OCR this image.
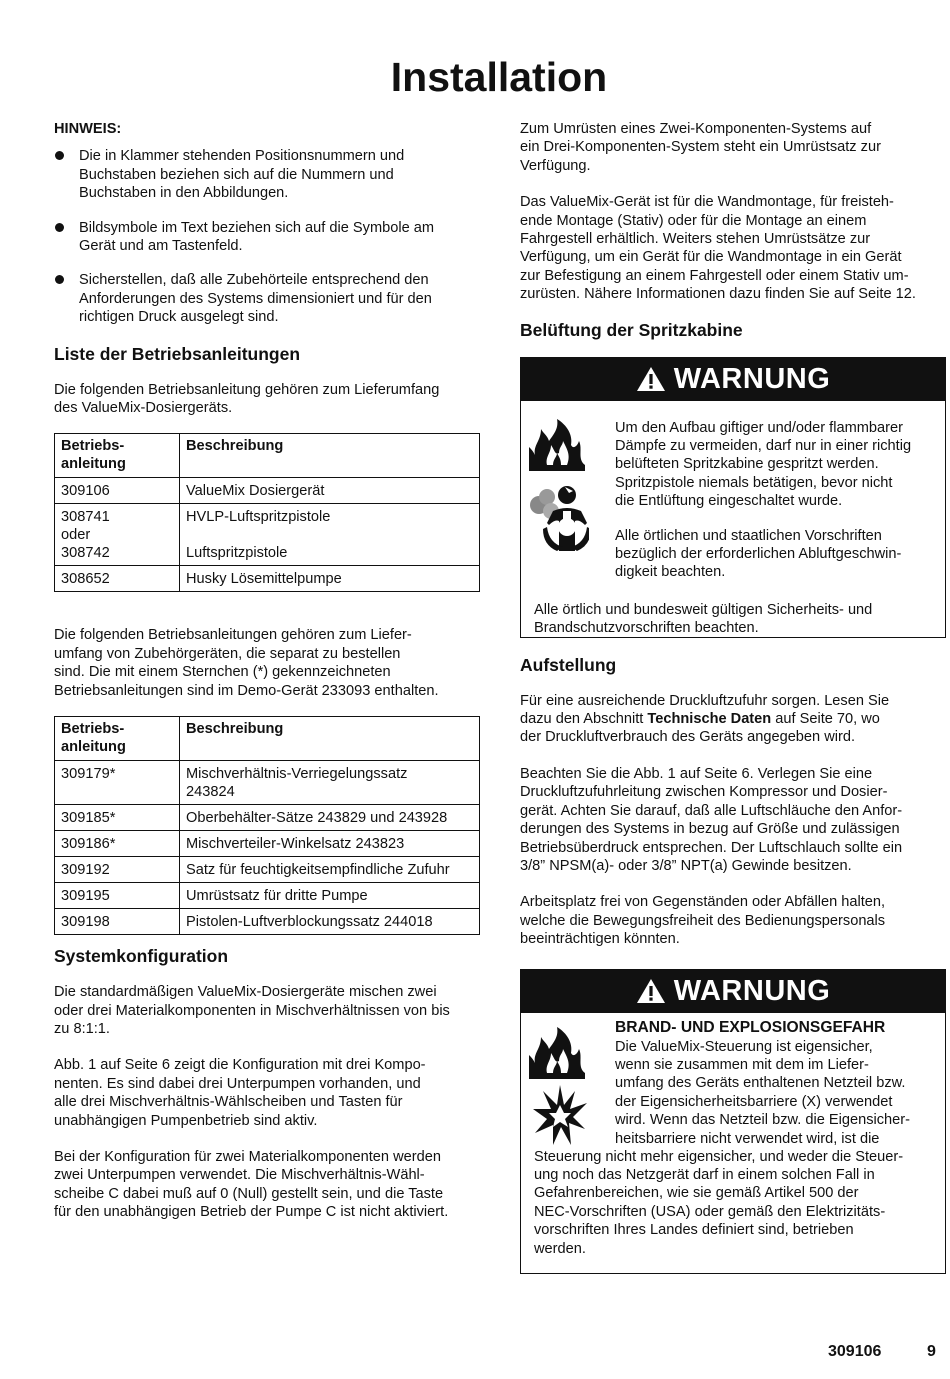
Installation
HINWEIS:
Die in Klammer stehenden Positionsnummern und
Buchstaben beziehen sich auf die Nummern und
Buchstaben in den Abbildungen.
Bildsymbole im Text beziehen sich auf die Symbole am
Gerät und am Tastenfeld.
Sicherstellen, daß alle Zubehörteile entsprechend den
Anforderungen des Systems dimensioniert und für den
richtigen Druck ausgelegt sind.
Liste der Betriebsanleitungen

Die folgenden Betriebsanleitung gehören zum Lieferumfang
des ValueMix-Dosiergeräts.

Betriebs-
anleitung	Beschreibung
309106	ValueMix Dosiergerät
308741
oder
308742	HVLP-Luftspritzpistole

Luftspritzpistole
308652	Husky Lösemittelpumpe

Die folgenden Betriebsanleitungen gehören zum Liefer-
umfang von Zubehörgeräten, die separat zu bestellen
sind. Die mit einem Sternchen (*) gekennzeichneten
Betriebsanleitungen sind im Demo-Gerät 233093 enthalten.

Betriebs-
anleitung	Beschreibung
309179*	Mischverhältnis-Verriegelungssatz
243824
309185*	Oberbehälter-Sätze 243829 und 243928
309186*	Mischverteiler-Winkelsatz 243823
309192	Satz für feuchtigkeitsempfindliche Zufuhr
309195	Umrüstsatz für dritte Pumpe
309198	Pistolen-Luftverblockungssatz 244018
Systemkonfiguration

Die standardmäßigen ValueMix-Dosiergeräte mischen zwei
oder drei Materialkomponenten in Mischverhältnissen von bis
zu 8:1:1.

Abb. 1 auf Seite 6 zeigt die Konfiguration mit drei Kompo-
nenten. Es sind dabei drei Unterpumpen vorhanden, und
alle drei Mischverhältnis-Wählscheiben und Tasten für
unabhängigen Pumpenbetrieb sind aktiv.

Bei der Konfiguration für zwei Materialkomponenten werden
zwei Unterpumpen verwendet. Die Mischverhältnis-Wähl-
scheibe C dabei muß auf 0 (Null) gestellt sein, und die Taste
für den unabhängigen Betrieb der Pumpe C ist nicht aktiviert.

Zum Umrüsten eines Zwei-Komponenten-Systems auf
ein Drei-Komponenten-System steht ein Umrüstsatz zur
Verfügung.

Das ValueMix-Gerät ist für die Wandmontage, für freisteh-
ende Montage (Stativ) oder für die Montage an einem
Fahrgestell erhältlich. Weiters stehen Umrüstsätze zur
Verfügung, um ein Gerät für die Wandmontage in ein Gerät
zur Befestigung an einem Fahrgestell oder einem Stativ um-
zurüsten. Nähere Informationen dazu finden Sie auf Seite 12.

Belüftung der Spritzkabine
WARNUNG

Um den Aufbau giftiger und/oder flammbarer
Dämpfe zu vermeiden, darf nur in einer richtig
belüfteten Spritzkabine gespritzt werden.
Spritzpistole niemals betätigen, bevor nicht
die Entlüftung eingeschaltet wurde.

Alle örtlichen und staatlichen Vorschriften
bezüglich der erforderlichen Abluftgeschwin-
digkeit beachten.

Alle örtlich und bundesweit gültigen Sicherheits- und
Brandschutzvorschriften beachten.

Aufstellung

Für eine ausreichende Druckluftzufuhr sorgen. Lesen Sie
dazu den Abschnitt Technische Daten auf Seite 70, wo
der Druckluftverbrauch des Geräts angegeben wird.

Beachten Sie die Abb. 1 auf Seite 6. Verlegen Sie eine
Druckluftzufuhrleitung zwischen Kompressor und Dosier-
gerät. Achten Sie darauf, daß alle Luftschläuche den Anfor-
derungen des Systems in bezug auf Größe und zulässigen
Betriebsüberdruck entsprechen. Der Luftschlauch sollte ein
3/8” NPSM(a)- oder 3/8” NPT(a) Gewinde besitzen.

Arbeitsplatz frei von Gegenständen oder Abfällen halten,
welche die Bewegungsfreiheit des Bedienungspersonals
beeinträchtigen könnten.

WARNUNG
BRAND- UND EXPLOSIONSGEFAHR

Die ValueMix-Steuerung ist eigensicher,
wenn sie zusammen mit dem im Liefer-
umfang des Geräts enthaltenen Netzteil bzw.
der Eigensicherheitsbarriere (X) verwendet
wird. Wenn das Netzteil bzw. die Eigensicher-
heitsbarriere nicht verwendet wird, ist die

Steuerung nicht mehr eigensicher, und weder die Steuer-
ung noch das Netzgerät darf in einem solchen Fall in
Gefahrenbereichen, wie sie gemäß Artikel 500 der
NEC-Vorschriften (USA) oder gemäß den Elektrizitäts-
vorschriften Ihres Landes definiert sind, betrieben
werden.

309106	9
